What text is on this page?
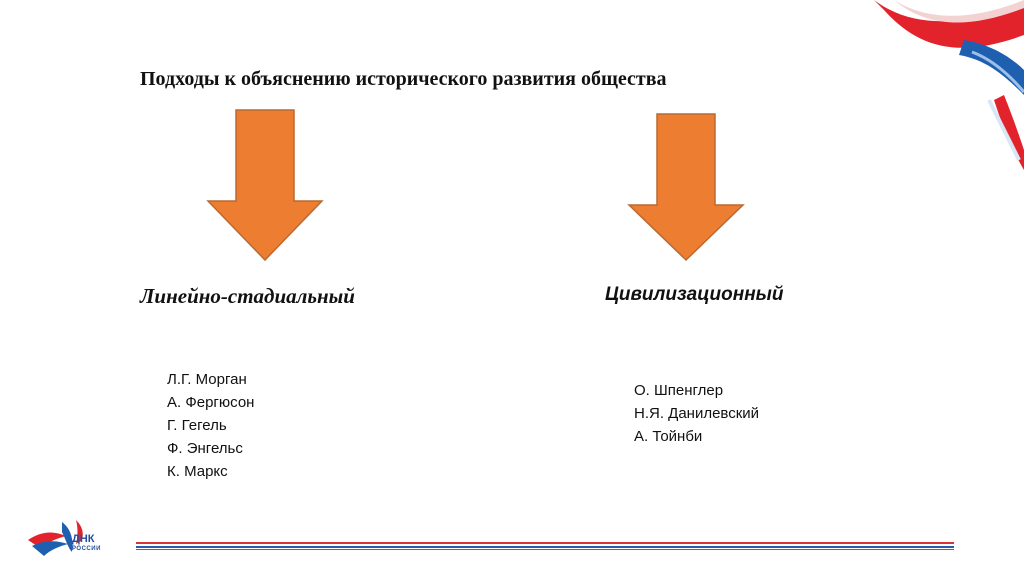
Подходы к объяснению исторического развития общества
Линейно-стадиальный	Цивилизационный
Л.Г. Морган
А. Фергюсон
Г. Гегель
Ф. Энгельс
К. Маркс
О. Шпенглер
Н.Я. Данилевский
А. Тойнби
ДНК
РОССИИ
